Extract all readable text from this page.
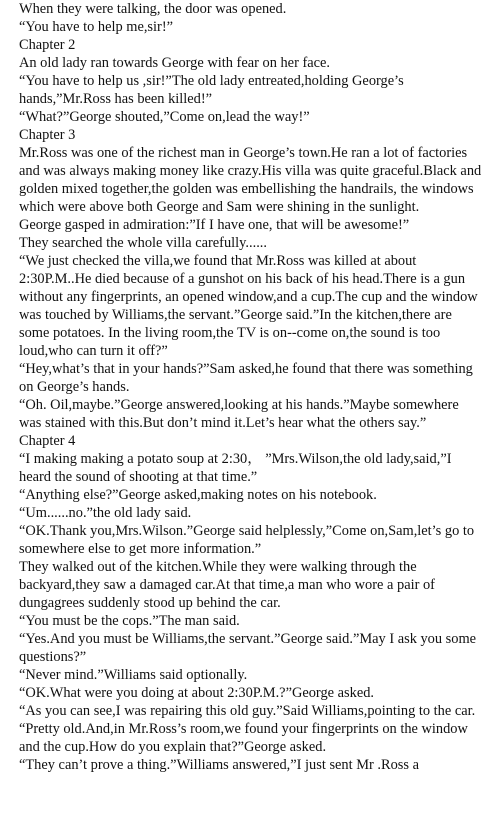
When they were talking, the door was opened.

“You have to help me,sir!”

Chapter 2

An old lady ran towards George with fear on her face.

“You have to help us ,sir!”The old lady entreated,holding George’s hands,”Mr.Ross has been killed!”

“What?”George shouted,”Come on,lead the way!”

Chapter 3

Mr.Ross was one of the richest man in George’s town.He ran a lot of factories and was always making money like crazy.His villa was quite graceful.Black and golden mixed together,the golden was embellishing the handrails, the windows which were above both George and Sam were shining in the sunlight.

George gasped in admiration:”If I have one, that will be awesome!”

They searched the whole villa carefully......

“We just checked the villa,we found that Mr.Ross was killed at about 2:30P.M..He died because of a gunshot on his back of his head.There is a gun without any fingerprints, an opened window,and a cup.The cup and the window was touched by Williams,the servant.”George said.”In the kitchen,there are some potatoes. In the living room,the TV is on--come on,the sound is too loud,who can turn it off?”

“Hey,what’s that in your hands?”Sam asked,he found that there was something on George’s hands.

“Oh. Oil,maybe.”George answered,looking at his hands.”Maybe somewhere was stained with this.But don’t mind it.Let’s hear what the others say.”

Chapter 4

“I making making a potato soup at 2:30， ”Mrs.Wilson,the old lady,said,”I heard the sound of shooting at that time.”

“Anything else?”George asked,making notes on his notebook.

“Um......no.”the old lady said.

“OK.Thank you,Mrs.Wilson.”George said helplessly,”Come on,Sam,let’s go to somewhere else to get more information.”

They walked out of the kitchen.While they were walking through the backyard,they saw a damaged car.At that time,a man who wore a pair of dungagrees suddenly stood up behind the car.

“You must be the cops.”The man said.

“Yes.And you must be Williams,the servant.”George said.”May I ask you some questions?”

“Never mind.”Williams said optionally.

“OK.What were you doing at about 2:30P.M.?”George asked.

“As you can see,I was repairing this old guy.”Said Williams,pointing to the car.

“Pretty old.And,in Mr.Ross’s room,we found your fingerprints on the window and the cup.How do you explain that?”George asked.

“They can’t prove a thing.”Williams answered,”I just sent Mr .Ross a
